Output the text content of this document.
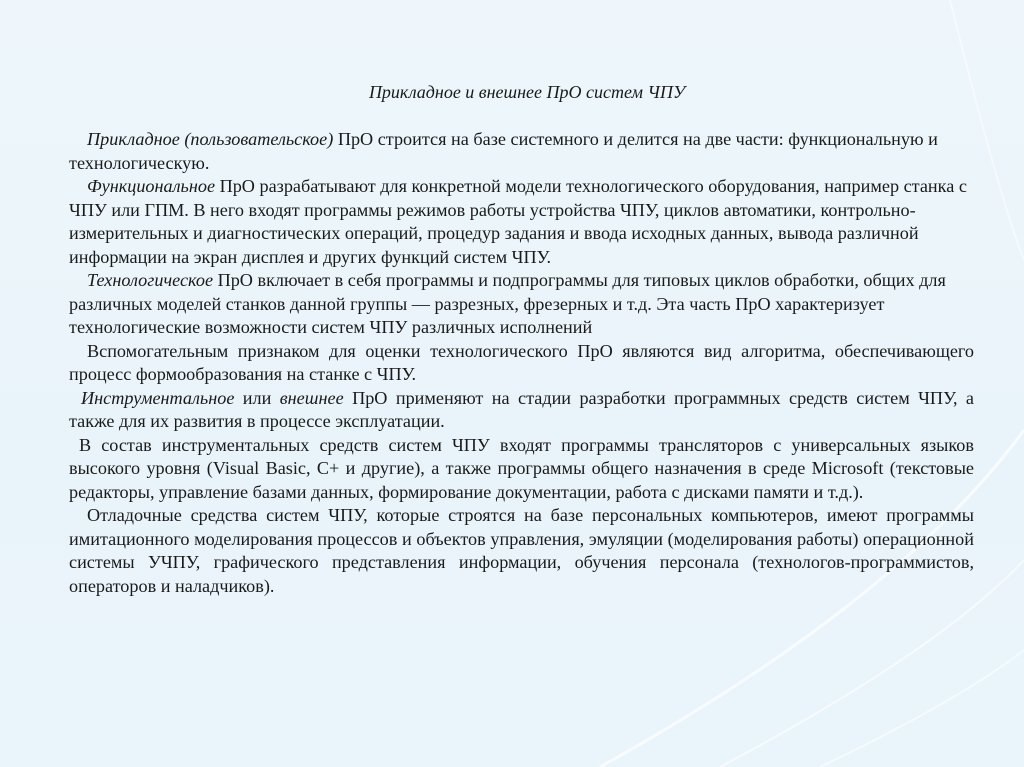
Прикладное и внешнее ПрО систем ЧПУ

Прикладное (пользовательское) ПрО строится на базе системного и делится на две части: функциональную и технологическую.

Функциональное ПрО разрабатывают для конкретной модели технологического оборудования, например станка с ЧПУ или ГПМ. В него входят программы режимов работы устройства ЧПУ, циклов автоматики, контрольно-измерительных и диагностических операций, процедур задания и ввода исходных данных, вывода различной информации на экран дисплея и других функций систем ЧПУ.

Технологическое ПрО включает в себя программы и подпрограммы для типовых циклов обработки, общих для различных моделей станков данной группы — разрезных, фрезерных и т.д. Эта часть ПрО характеризует технологические возможности систем ЧПУ различных исполнений

Вспомогательным признаком для оценки технологического ПрО являются вид алгоритма, обеспечивающего процесс формообразования на станке с ЧПУ.

Инструментальное или внешнее ПрО применяют на стадии разработки программных средств систем ЧПУ, а также для их развития в процессе эксплуатации.

В состав инструментальных средств систем ЧПУ входят программы трансляторов с универсальных языков высокого уровня (Visual Basic, C+ и другие), а также программы общего назначения в среде Microsoft (текстовые редакторы, управление базами данных, формирование документации, работа с дисками памяти и т.д.).

Отладочные средства систем ЧПУ, которые строятся на базе персональных компьютеров, имеют программы имитационного моделирования процессов и объектов управления, эмуляции (моделирования работы) операционной системы УЧПУ, графического представления информации, обучения персонала (технологов-программистов, операторов и наладчиков).
